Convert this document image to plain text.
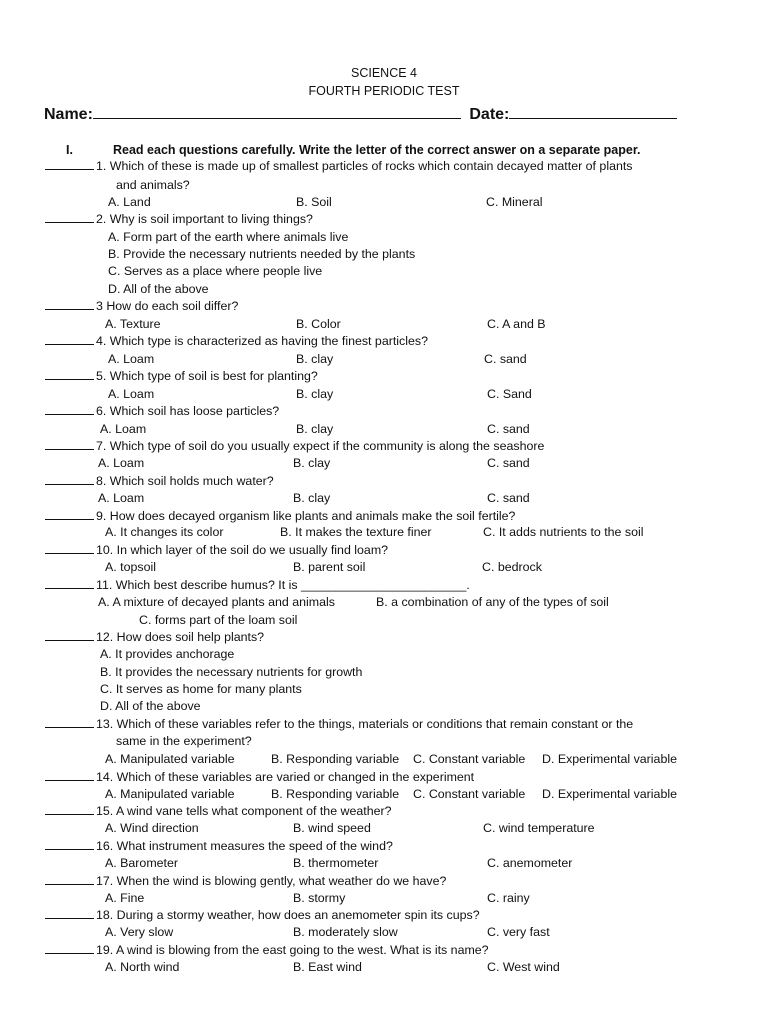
SCIENCE 4
FOURTH PERIODIC TEST
Name:	Date:
I.	Read each questions carefully. Write the letter of the correct answer on a separate paper.
1. Which of these is made up of smallest particles of rocks which contain decayed matter of plants
and animals?
A. Land	B. Soil	C. Mineral
2. Why is soil important to living things?
A. Form part of the earth where animals live
B. Provide the necessary nutrients needed by the plants
C. Serves as a place where people live
D. All of the above
3 How do each soil differ?
A. Texture	B. Color	C. A and B
4. Which type is characterized as having the finest particles?
A. Loam	B. clay	C. sand
5. Which type of soil is best for planting?
A. Loam	B. clay	C. Sand
6. Which soil has loose particles?
A. Loam	B. clay	C. sand
7. Which type of soil do you usually expect if the community is along the seashore
A. Loam	B. clay	C. sand
8. Which soil holds much water?
A. Loam	B. clay	C. sand
9. How does decayed organism like plants and animals make the soil fertile?
A. It changes its color	B. It makes the texture finer	C. It adds nutrients to the soil
10. In which layer of the soil do we usually find loam?
A. topsoil	B. parent soil	C. bedrock
11. Which best describe humus? It is ________________________.
A. A mixture of decayed plants and animals	B. a combination of any of the types of soil
C. forms part of the loam soil
12. How does soil help plants?
A. It provides anchorage
B. It provides the necessary nutrients for growth
C. It serves as home for many plants
D. All of the above
13. Which of these variables refer to the things, materials or conditions that remain constant or the
same in the experiment?
A. Manipulated variable	B. Responding variable C. Constant variable D. Experimental variable
14. Which of these variables are varied or changed in the experiment
A. Manipulated variable	B. Responding variable C. Constant variable D. Experimental variable
15. A wind vane tells what component of the weather?
A. Wind direction	B. wind speed	C. wind temperature
16. What instrument measures the speed of the wind?
A. Barometer	B. thermometer	C. anemometer
17. When the wind is blowing gently, what weather do we have?
A. Fine	B. stormy	C. rainy
18. During a stormy weather, how does an anemometer spin its cups?
A. Very slow	B. moderately slow	C. very fast
19. A wind is blowing from the east going to the west. What is its name?
A. North wind	B. East wind	C. West wind
